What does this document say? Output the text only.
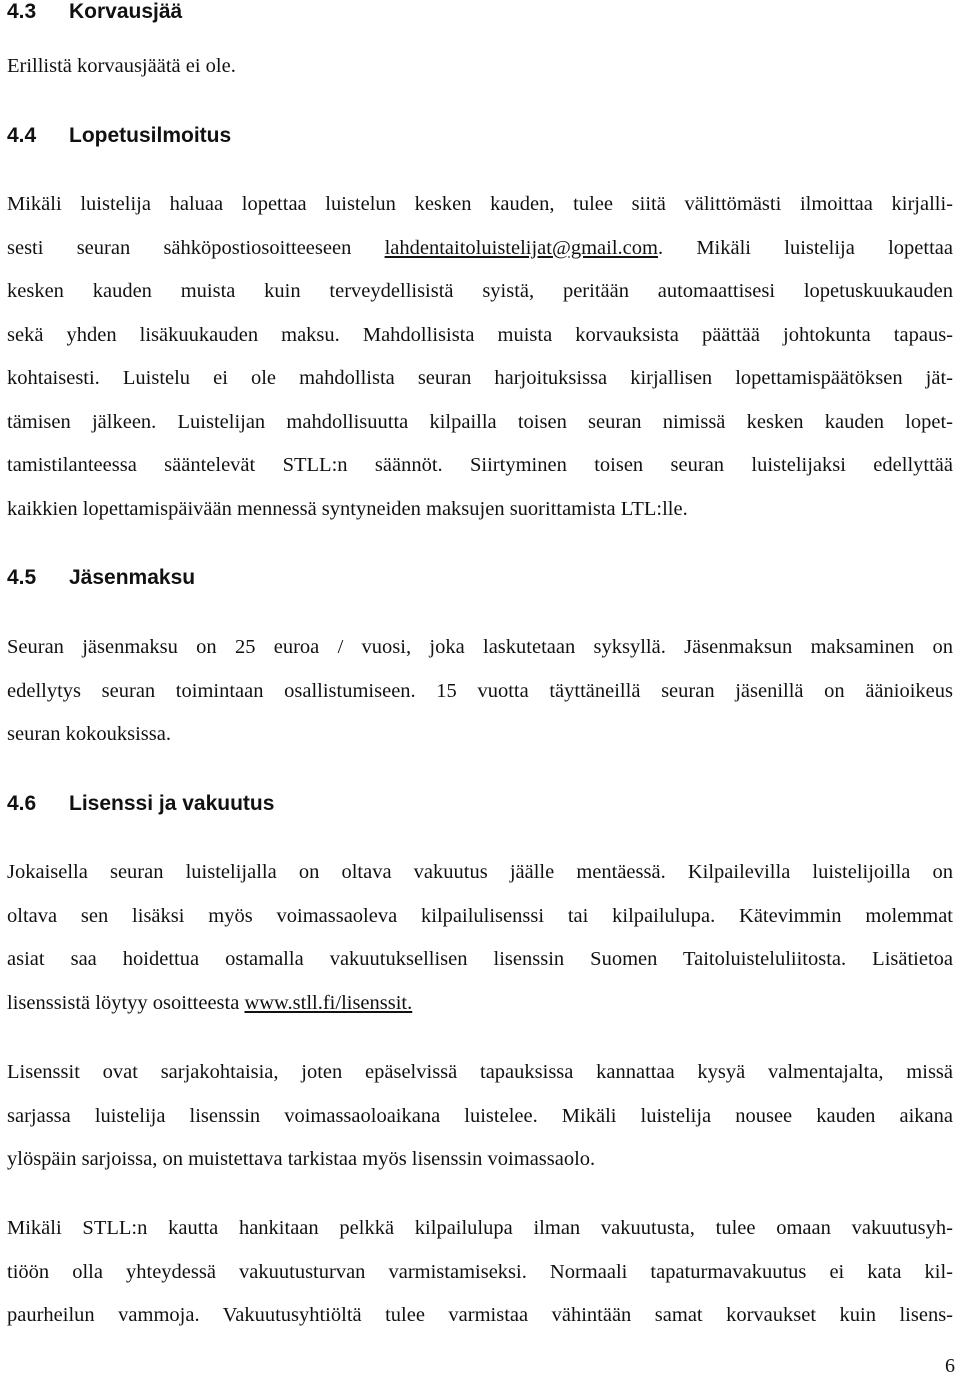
4.3 Korvausjää
Erillistä korvausjäätä ei ole.
4.4 Lopetusilmoitus
Mikäli luistelija haluaa lopettaa luistelun kesken kauden, tulee siitä välittömästi ilmoittaa kirjalli-
sesti seuran sähköpostiosoitteeseen lahdentaitoluistelijat@gmail.com. Mikäli luistelija lopettaa
kesken kauden muista kuin terveydellisistä syistä, peritään automaattisesi lopetuskuukauden
sekä yhden lisäkuukauden maksu. Mahdollisista muista korvauksista päättää johtokunta tapaus-
kohtaisesti. Luistelu ei ole mahdollista seuran harjoituksissa kirjallisen lopettamispäätöksen jät-
tämisen jälkeen. Luistelijan mahdollisuutta kilpailla toisen seuran nimissä kesken kauden lopet-
tamistilanteessa sääntelevät STLL:n säännöt. Siirtyminen toisen seuran luistelijaksi edellyttää
kaikkien lopettamispäivään mennessä syntyneiden maksujen suorittamista LTL:lle.
4.5 Jäsenmaksu
Seuran jäsenmaksu on 25 euroa / vuosi, joka laskutetaan syksyllä. Jäsenmaksun maksaminen on
edellytys seuran toimintaan osallistumiseen. 15 vuotta täyttäneillä seuran jäsenillä on äänioikeus
seuran kokouksissa.
4.6 Lisenssi ja vakuutus
Jokaisella seuran luistelijalla on oltava vakuutus jäälle mentäessä. Kilpailevilla luistelijoilla on
oltava sen lisäksi myös voimassaoleva kilpailulisenssi tai kilpailulupa. Kätevimmin molemmat
asiat saa hoidettua ostamalla vakuutuksellisen lisenssin Suomen Taitoluisteluliitosta. Lisätietoa
lisenssistä löytyy osoitteesta www.stll.fi/lisenssit.
Lisenssit ovat sarjakohtaisia, joten epäselvissä tapauksissa kannattaa kysyä valmentajalta, missä
sarjassa luistelija lisenssin voimassaoloaikana luistelee. Mikäli luistelija nousee kauden aikana
ylöspäin sarjoissa, on muistettava tarkistaa myös lisenssin voimassaolo.
Mikäli STLL:n kautta hankitaan pelkkä kilpailulupa ilman vakuutusta, tulee omaan vakuutusyh-
tiöön olla yhteydessä vakuutusturvan varmistamiseksi. Normaali tapaturmavakuutus ei kata kil-
paurheilun vammoja. Vakuutusyhtiöltä tulee varmistaa vähintään samat korvaukset kuin lisens-
6
